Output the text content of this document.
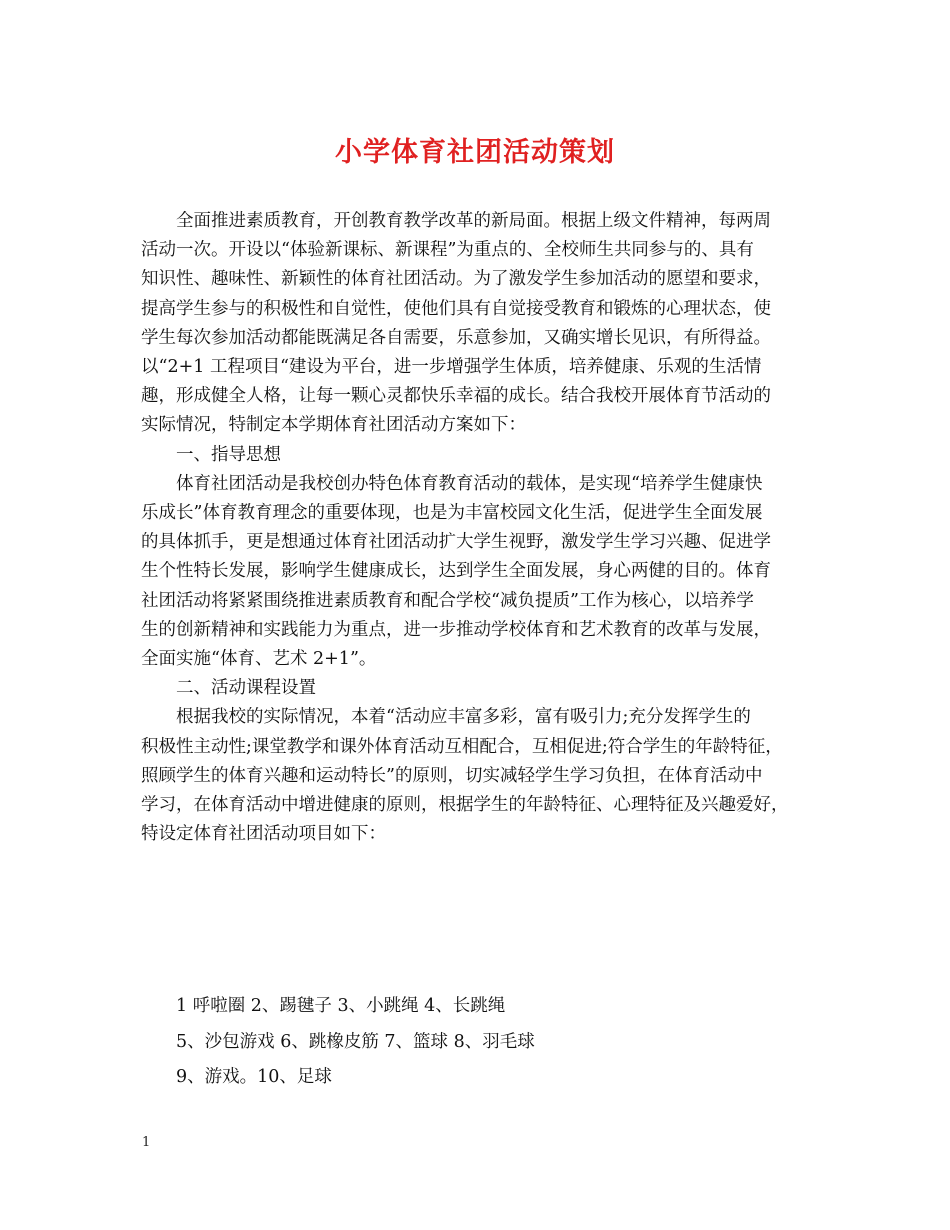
小学体育社团活动策划

全面推进素质教育，开创教育教学改革的新局面。根据上级文件精神，每两周

活动一次。开设以“体验新课标、新课程”为重点的、全校师生共同参与的、具有

知识性、趣味性、新颖性的体育社团活动。为了激发学生参加活动的愿望和要求，

提高学生参与的积极性和自觉性，使他们具有自觉接受教育和锻炼的心理状态，使

学生每次参加活动都能既满足各自需要，乐意参加，又确实增长见识，有所得益。

以“2+1 工程项目“建设为平台，进一步增强学生体质，培养健康、乐观的生活情

趣，形成健全人格，让每一颗心灵都快乐幸福的成长。结合我校开展体育节活动的

实际情况，特制定本学期体育社团活动方案如下：

一、指导思想

体育社团活动是我校创办特色体育教育活动的载体，是实现“培养学生健康快

乐成长”体育教育理念的重要体现，也是为丰富校园文化生活，促进学生全面发展

的具体抓手，更是想通过体育社团活动扩大学生视野，激发学生学习兴趣、促进学

生个性特长发展，影响学生健康成长，达到学生全面发展，身心两健的目的。体育

社团活动将紧紧围绕推进素质教育和配合学校“减负提质”工作为核心，以培养学

生的创新精神和实践能力为重点，进一步推动学校体育和艺术教育的改革与发展，

全面实施“体育、艺术 2+1”。

二、活动课程设置

根据我校的实际情况，本着“活动应丰富多彩，富有吸引力;充分发挥学生的

积极性主动性;课堂教学和课外体育活动互相配合，互相促进;符合学生的年龄特征，

照顾学生的体育兴趣和运动特长”的原则，切实减轻学生学习负担，在体育活动中

学习，在体育活动中增进健康的原则，根据学生的年龄特征、心理特征及兴趣爱好，

特设定体育社团活动项目如下：

1 呼啦圈 2、踢毽子 3、小跳绳 4、长跳绳
5、沙包游戏 6、跳橡皮筋 7、篮球 8、羽毛球
9、游戏。10、足球
1
